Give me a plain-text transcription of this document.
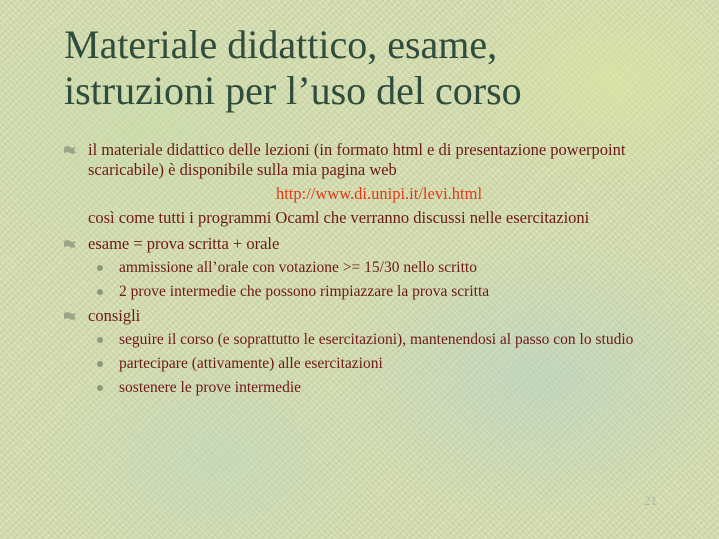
Materiale didattico, esame,
istruzioni per l’uso del corso
il materiale didattico delle lezioni (in formato html e di presentazione powerpoint scaricabile) è disponibile sulla mia pagina web
http://www.di.unipi.it/levi.html
così come tutti i programmi Ocaml che verranno discussi nelle esercitazioni
esame = prova scritta + orale
ammissione all’orale con votazione >= 15/30 nello scritto
2 prove intermedie che possono rimpiazzare la prova scritta
consigli
seguire il corso (e soprattutto le esercitazioni), mantenendosi al passo con lo studio
partecipare (attivamente) alle esercitazioni
sostenere le prove intermedie
21
